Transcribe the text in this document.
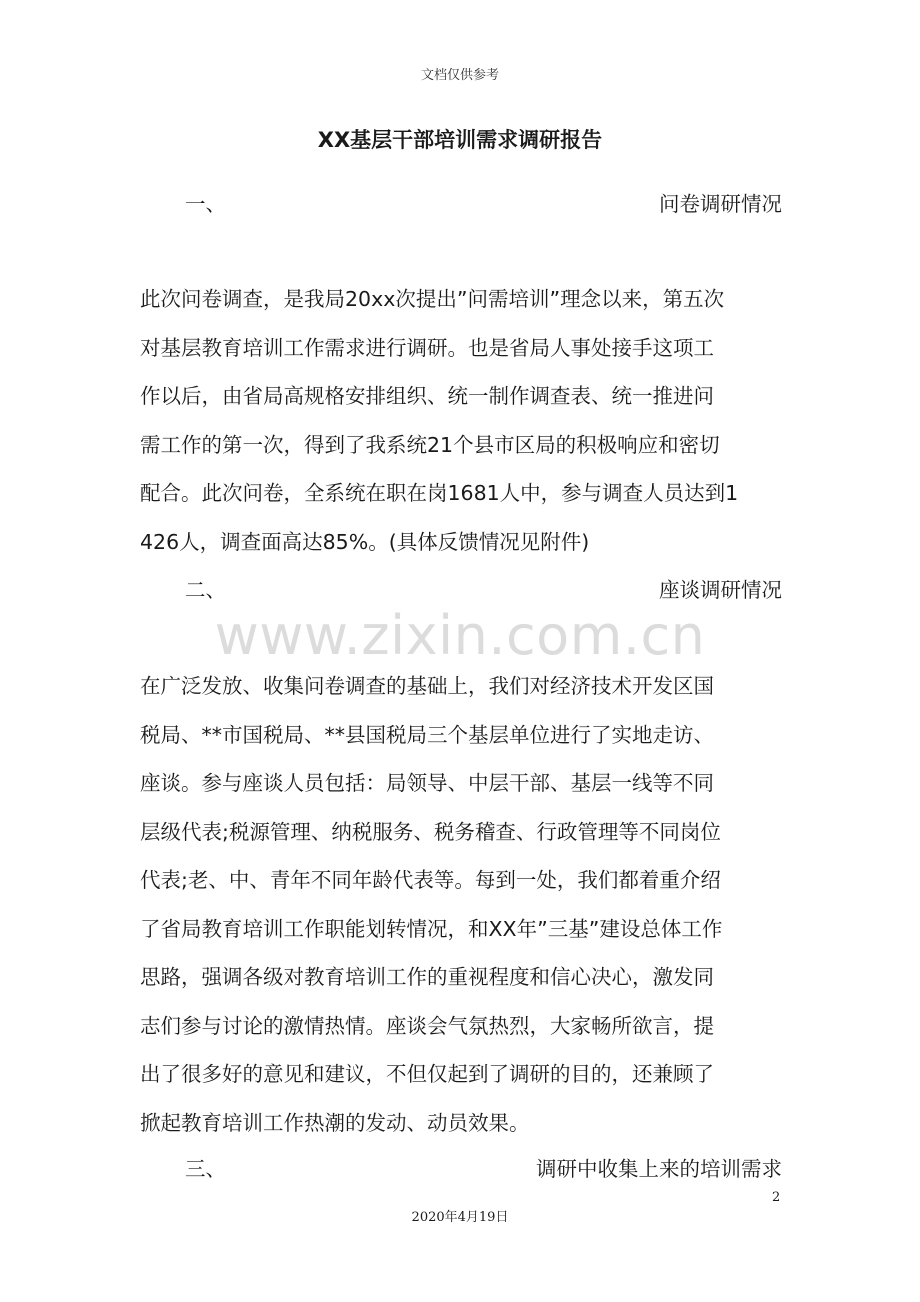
文档仅供参考
XX基层干部培训需求调研报告
一、	问卷调研情况
此次问卷调查，是我局20xx次提出”问需培训”理念以来，第五次
对基层教育培训工作需求进行调研。也是省局人事处接手这项工
作以后，由省局高规格安排组织、统一制作调查表、统一推进问
需工作的第一次，得到了我系统21个县市区局的积极响应和密切
配合。此次问卷，全系统在职在岗1681人中，参与调查人员达到1
426人，调查面高达85%。(具体反馈情况见附件)
二、	座谈调研情况
www.zixin.com.cn
在广泛发放、收集问卷调查的基础上，我们对经济技术开发区国
税局、**市国税局、**县国税局三个基层单位进行了实地走访、
座谈。参与座谈人员包括：局领导、中层干部、基层一线等不同
层级代表;税源管理、纳税服务、税务稽查、行政管理等不同岗位
代表;老、中、青年不同年龄代表等。每到一处，我们都着重介绍
了省局教育培训工作职能划转情况，和XX年”三基”建设总体工作
思路，强调各级对教育培训工作的重视程度和信心决心，激发同
志们参与讨论的激情热情。座谈会气氛热烈，大家畅所欲言，提
出了很多好的意见和建议，不但仅起到了调研的目的，还兼顾了
掀起教育培训工作热潮的发动、动员效果。
三、	调研中收集上来的培训需求
2
2020年4月19日
